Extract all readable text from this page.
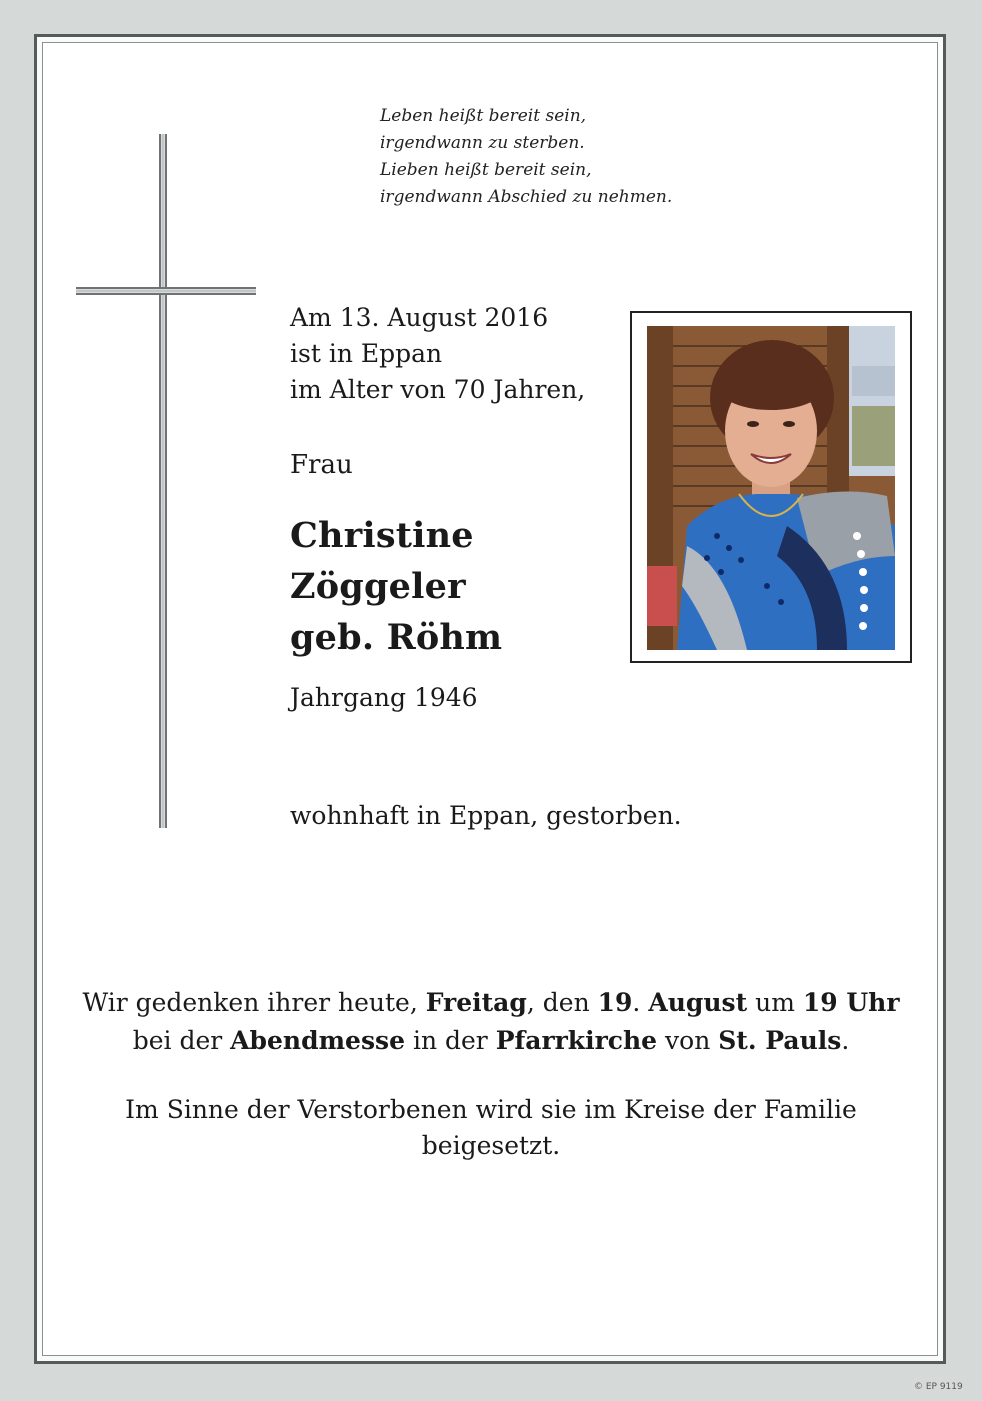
Leben heißt bereit sein,
irgendwann zu sterben.
Lieben heißt bereit sein,
irgendwann Abschied zu nehmen.
Am 13. August 2016
ist in Eppan
im Alter von 70 Jahren,
Frau
Christine
Zöggeler
geb. Röhm
Jahrgang 1946
wohnhaft in Eppan, gestorben.
Wir gedenken ihrer heute, Freitag, den 19. August um 19 Uhr
bei der Abendmesse in der Pfarrkirche von St. Pauls.
Im Sinne der Verstorbenen wird sie im Kreise der Familie
beigesetzt.
© EP 9119
